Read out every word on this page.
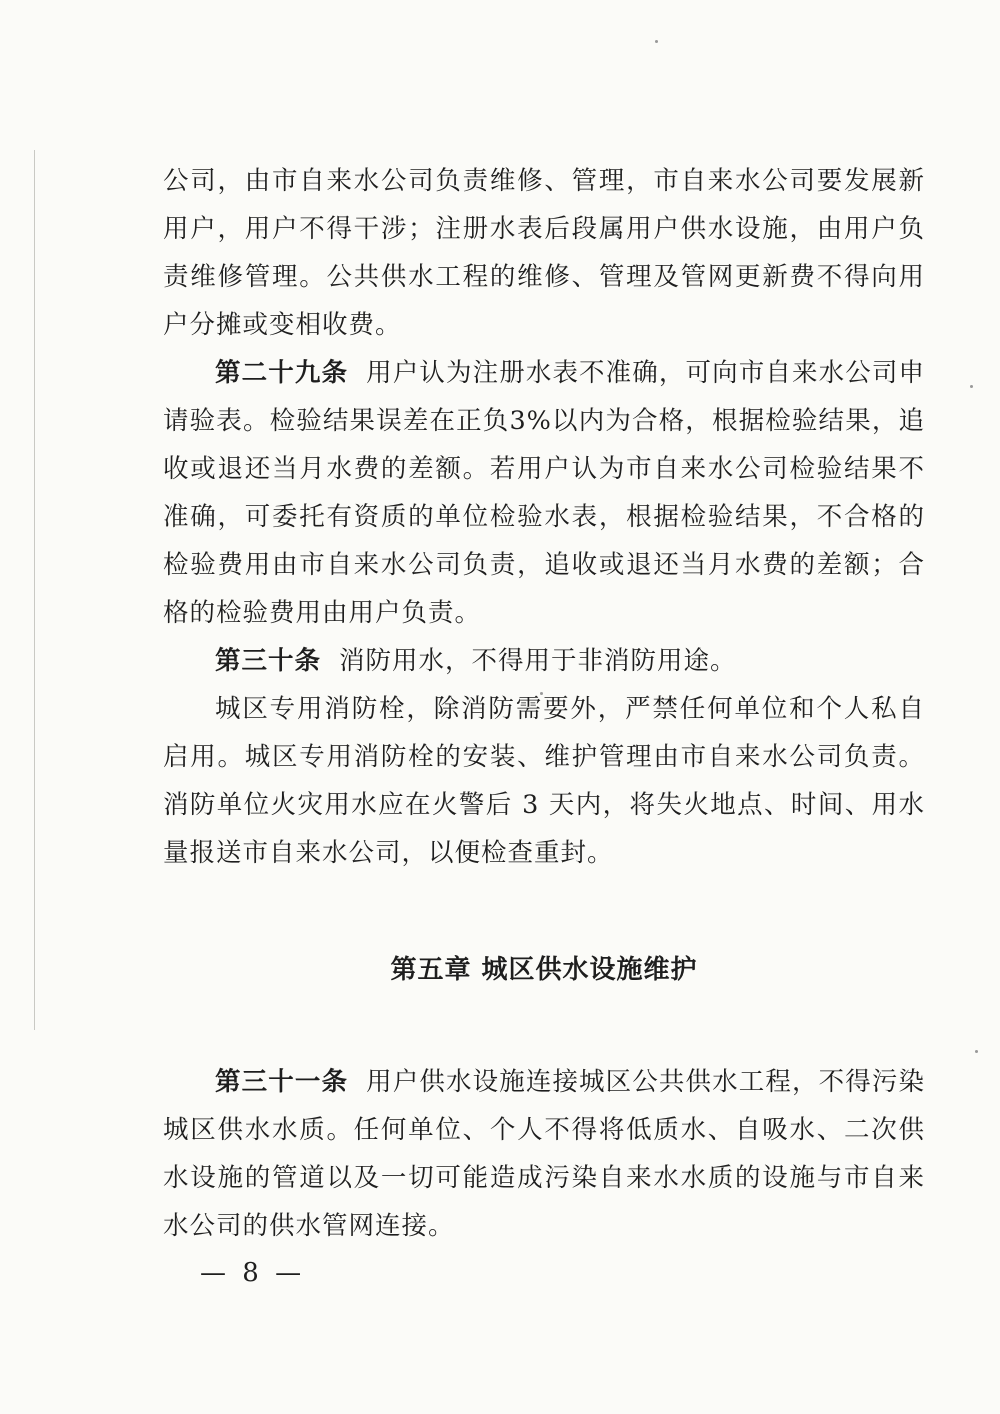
公司，由市自来水公司负责维修、管理，市自来水公司要发展新用户，用户不得干涉；注册水表后段属用户供水设施，由用户负责维修管理。公共供水工程的维修、管理及管网更新费不得向用户分摊或变相收费。

第二十九条 用户认为注册水表不准确，可向市自来水公司申请验表。检验结果误差在正负3%以内为合格，根据检验结果，追收或退还当月水费的差额。若用户认为市自来水公司检验结果不准确，可委托有资质的单位检验水表，根据检验结果，不合格的检验费用由市自来水公司负责，追收或退还当月水费的差额；合格的检验费用由用户负责。

第三十条 消防用水，不得用于非消防用途。

城区专用消防栓，除消防需要外，严禁任何单位和个人私自启用。城区专用消防栓的安装、维护管理由市自来水公司负责。消防单位火灾用水应在火警后 3 天内，将失火地点、时间、用水量报送市自来水公司，以便检查重封。

第五章 城区供水设施维护

第三十一条 用户供水设施连接城区公共供水工程，不得污染城区供水水质。任何单位、个人不得将低质水、自吸水、二次供水设施的管道以及一切可能造成污染自来水水质的设施与市自来水公司的供水管网连接。

— 8 —
